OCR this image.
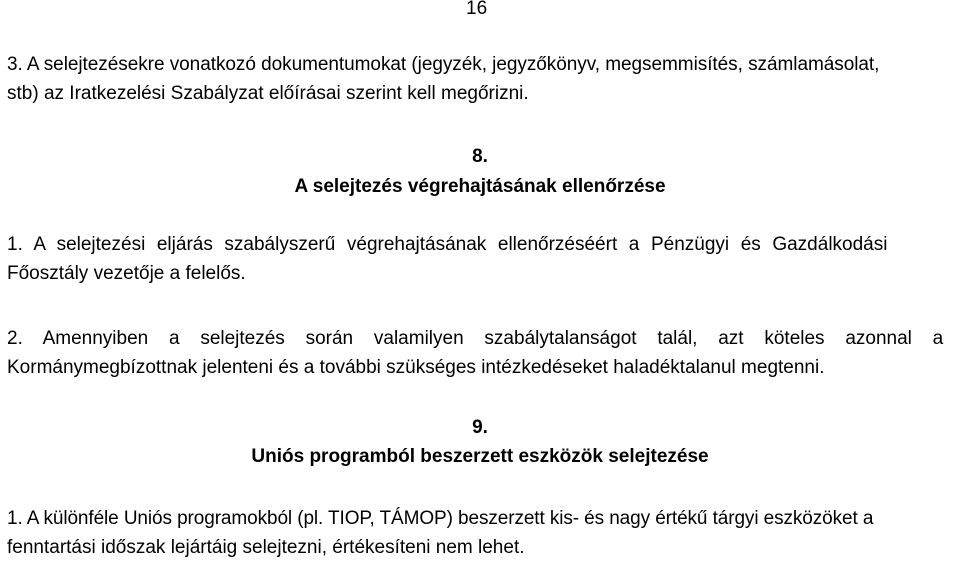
16
3. A selejtezésekre vonatkozó dokumentumokat (jegyzék, jegyzőkönyv, megsemmisítés, számlamásolat,
stb) az Iratkezelési Szabályzat előírásai szerint kell megőrizni.
8.
A selejtezés végrehajtásának ellenőrzése
1. A selejtezési eljárás szabályszerű végrehajtásának ellenőrzéséért a Pénzügyi és Gazdálkodási
Főosztály vezetője a felelős.
2. Amennyiben a selejtezés során valamilyen szabálytalanságot talál, azt köteles azonnal a
Kormánymegbízottnak jelenteni és a további szükséges intézkedéseket haladéktalanul megtenni.
9.
Uniós programból beszerzett eszközök selejtezése
1. A különféle Uniós programokból (pl. TIOP, TÁMOP) beszerzett kis- és nagy értékű tárgyi eszközöket a
fenntartási időszak lejártáig selejtezni, értékesíteni nem lehet.
